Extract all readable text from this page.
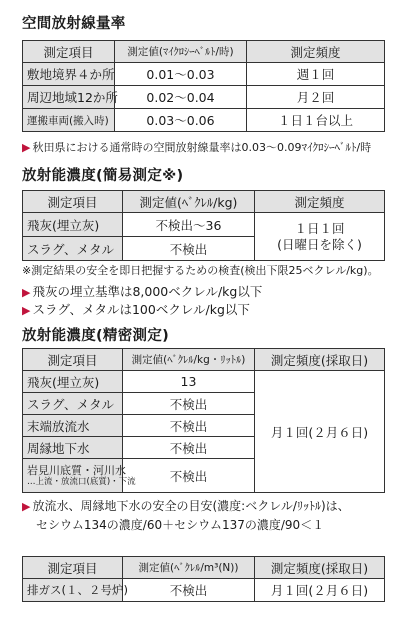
空間放射線量率
測定項目	測定値(ﾏｲｸﾛｼｰﾍﾞﾙﾄ/時)	測定頻度
敷地境界４か所	0.01〜0.03	週１回
周辺地域12か所	0.02〜0.04	月２回
運搬車両(搬入時)	0.03〜0.06	１日１台以上

▶ 秋田県における通常時の空間放射線量率は0.03〜0.09ﾏｲｸﾛｼｰﾍﾞﾙﾄ/時

放射能濃度(簡易測定※)
測定項目	測定値(ﾍﾞｸﾚﾙ/kg)	測定頻度
飛灰(埋立灰)	不検出〜36	１日１回
(日曜日を除く)
スラグ、メタル	不検出	

※測定結果の安全を即日把握するための検査(検出下限25ベクレル/kg)。

▶ 飛灰の埋立基準は8,000ベクレル/kg以下

▶ スラグ、メタルは100ベクレル/kg以下

放射能濃度(精密測定)
測定項目	測定値(ﾍﾞｸﾚﾙ/kg・ﾘｯﾄﾙ)	測定頻度(採取日)
飛灰(埋立灰)	13	月１回(２月６日)
スラグ、メタル	不検出	
末端放流水	不検出	
周縁地下水	不検出	
岩見川底質・河川水
…上流・放流口(底質)・下流	不検出	

▶ 放流水、周縁地下水の安全の目安(濃度:ベクレル/ﾘｯﾄﾙ)は、

セシウム134の濃度/60＋セシウム137の濃度/90＜１

測定項目	測定値(ﾍﾞｸﾚﾙ/m³(N))	測定頻度(採取日)
排ガス(１、２号炉)	不検出	月１回(２月６日)
